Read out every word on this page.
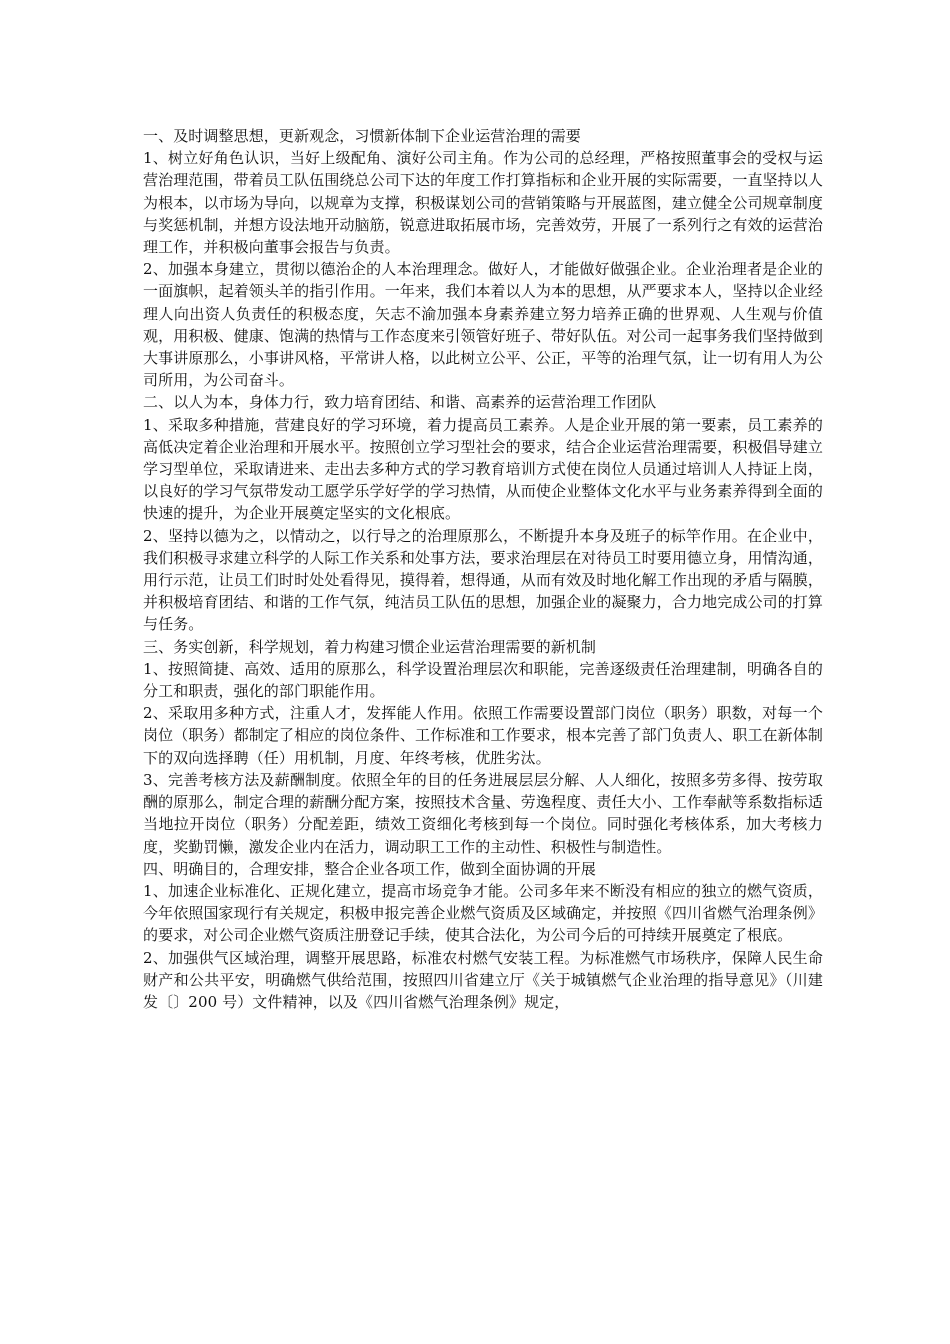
一、及时调整思想，更新观念，习惯新体制下企业运营治理的需要

1、树立好角色认识，当好上级配角、演好公司主角。作为公司的总经理，严格按照董事会的受权与运营治理范围，带着员工队伍围绕总公司下达的年度工作打算指标和企业开展的实际需要，一直坚持以人为根本，以市场为导向，以规章为支撑，积极谋划公司的营销策略与开展蓝图，建立健全公司规章制度与奖惩机制，并想方设法地开动脑筋，锐意进取拓展市场，完善效劳，开展了一系列行之有效的运营治理工作，并积极向董事会报告与负责。

2、加强本身建立，贯彻以德治企的人本治理理念。做好人，才能做好做强企业。企业治理者是企业的一面旗帜，起着领头羊的指引作用。一年来，我们本着以人为本的思想，从严要求本人，坚持以企业经理人向出资人负责任的积极态度，矢志不渝加强本身素养建立努力培养正确的世界观、人生观与价值观，用积极、健康、饱满的热情与工作态度来引领管好班子、带好队伍。对公司一起事务我们坚持做到大事讲原那么，小事讲风格，平常讲人格，以此树立公平、公正，平等的治理气氛，让一切有用人为公司所用，为公司奋斗。

二、以人为本，身体力行，致力培育团结、和谐、高素养的运营治理工作团队

1、采取多种措施，营建良好的学习环境，着力提高员工素养。人是企业开展的第一要素，员工素养的高低决定着企业治理和开展水平。按照创立学习型社会的要求，结合企业运营治理需要，积极倡导建立学习型单位，采取请进来、走出去多种方式的学习教育培训方式使在岗位人员通过培训人人持证上岗，以良好的学习气氛带发动工愿学乐学好学的学习热情，从而使企业整体文化水平与业务素养得到全面的快速的提升，为企业开展奠定坚实的文化根底。

2、坚持以德为之，以情动之，以行导之的治理原那么，不断提升本身及班子的标竿作用。在企业中，我们积极寻求建立科学的人际工作关系和处事方法，要求治理层在对待员工时要用德立身，用情沟通，用行示范，让员工们时时处处看得见，摸得着，想得通，从而有效及时地化解工作出现的矛盾与隔膜，并积极培育团结、和谐的工作气氛，纯洁员工队伍的思想，加强企业的凝聚力，合力地完成公司的打算与任务。

三、务实创新，科学规划，着力构建习惯企业运营治理需要的新机制

1、按照简捷、高效、适用的原那么，科学设置治理层次和职能，完善逐级责任治理建制，明确各自的分工和职责，强化的部门职能作用。

2、采取用多种方式，注重人才，发挥能人作用。依照工作需要设置部门岗位（职务）职数，对每一个岗位（职务）都制定了相应的岗位条件、工作标准和工作要求，根本完善了部门负责人、职工在新体制下的双向选择聘（任）用机制，月度、年终考核，优胜劣汰。

3、完善考核方法及薪酬制度。依照全年的目的任务进展层层分解、人人细化，按照多劳多得、按劳取酬的原那么，制定合理的薪酬分配方案，按照技术含量、劳逸程度、责任大小、工作奉献等系数指标适当地拉开岗位（职务）分配差距，绩效工资细化考核到每一个岗位。同时强化考核体系，加大考核力度，奖勤罚懒，激发企业内在活力，调动职工工作的主动性、积极性与制造性。

四、明确目的，合理安排，整合企业各项工作，做到全面协调的开展

1、加速企业标准化、正规化建立，提高市场竞争才能。公司多年来不断没有相应的独立的燃气资质，今年依照国家现行有关规定，积极申报完善企业燃气资质及区域确定，并按照《四川省燃气治理条例》的要求，对公司企业燃气资质注册登记手续，使其合法化，为公司今后的可持续开展奠定了根底。

2、加强供气区域治理，调整开展思路，标准农村燃气安装工程。为标准燃气市场秩序，保障人民生命财产和公共平安，明确燃气供给范围，按照四川省建立厅《关于城镇燃气企业治理的指导意见》（川建发〔〕200 号）文件精神，以及《四川省燃气治理条例》规定，
